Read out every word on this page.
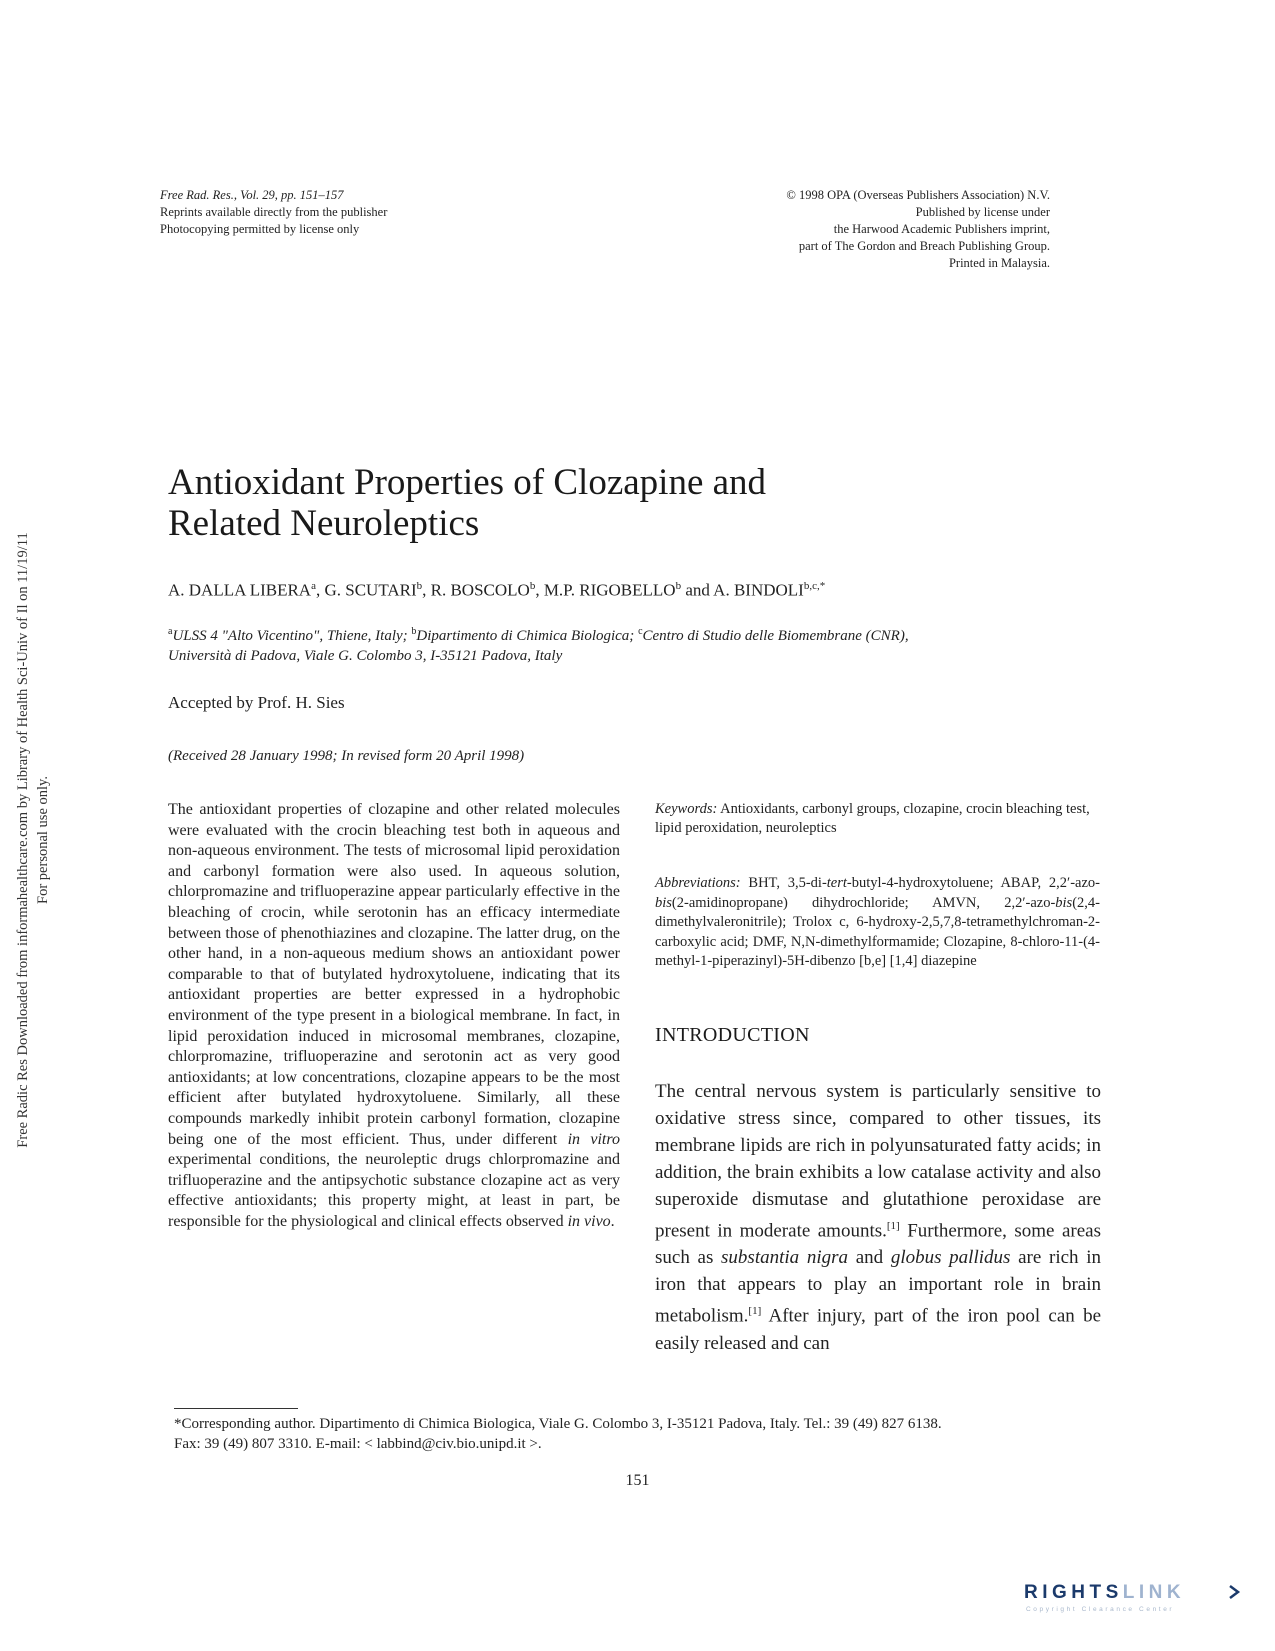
Free Rad. Res., Vol. 29, pp. 151–157
Reprints available directly from the publisher
Photocopying permitted by license only
© 1998 OPA (Overseas Publishers Association) N.V.
Published by license under
the Harwood Academic Publishers imprint,
part of The Gordon and Breach Publishing Group.
Printed in Malaysia.
Free Radic Res Downloaded from informahealthcare.com by Library of Health Sci-Univ of Il on 11/19/11 For personal use only.
Antioxidant Properties of Clozapine and
Related Neuroleptics
A. DALLA LIBERA$^a$, G. SCUTARI$^b$, R. BOSCOLO$^b$, M.P. RIGOBELLO$^b$ and A. $BINDOLI^{b,c,*}$
$^a$ULSS 4 "Alto Vicentino", Thiene, Italy; $^b$Dipartimento di Chimica Biologica; $^c$Centro di Studio delle Biomembrane (CNR),
Università di Padova, Viale G. Colombo 3, I-35121 Padova, Italy
Accepted by Prof. H. Sies
(Received 28 January 1998; In revised form 20 April 1998)
The antioxidant properties of clozapine and other related molecules were evaluated with the crocin bleaching test both in aqueous and non-aqueous environment. The tests of microsomal lipid peroxidation and carbonyl formation were also used. In aqueous solution, chlorpromazine and trifluoperazine appear particularly effective in the bleaching of crocin, while serotonin has an efficacy intermediate between those of phenothiazines and clozapine. The latter drug, on the other hand, in a non-aqueous medium shows an antioxidant power comparable to that of butylated hydroxytoluene, indicating that its antioxidant properties are better expressed in a hydrophobic environment of the type present in a biological membrane. In fact, in lipid peroxidation induced in microsomal membranes, clozapine, chlorpromazine, trifluoperazine and serotonin act as very good antioxidants; at low concentrations, clozapine appears to be the most efficient after butylated hydroxytoluene. Similarly, all these compounds markedly inhibit protein carbonyl formation, clozapine being one of the most efficient. Thus, under different in vitro experimental conditions, the neuroleptic drugs chlorpromazine and trifluoperazine and the antipsychotic substance clozapine act as very effective antioxidants; this property might, at least in part, be responsible for the physiological and clinical effects observed in vivo.
Keywords: Antioxidants, carbonyl groups, clozapine, crocin bleaching test, lipid peroxidation, neuroleptics
Abbreviations: BHT, 3,5-di-tert-butyl-4-hydroxytoluene; ABAP, 2,2′-azo-bis(2-amidinopropane) dihydrochloride; AMVN, 2,2′-azo-bis(2,4-dimethylvaleronitrile); Trolox c, 6-hydroxy-2,5,7,8-tetramethylchroman-2-carboxylic acid; DMF, N,N-dimethylformamide; Clozapine, 8-chloro-11-(4-methyl-1-piperazinyl)-5H-dibenzo [b,e] [1,4] diazepine
INTRODUCTION
The central nervous system is particularly sensitive to oxidative stress since, compared to other tissues, its membrane lipids are rich in polyunsaturated fatty acids; in addition, the brain exhibits a low catalase activity and also superoxide dismutase and glutathione peroxidase are present in moderate amounts.[1] Furthermore, some areas such as substantia nigra and globus pallidus are rich in iron that appears to play an important role in brain metabolism.[1] After injury, part of the iron pool can be easily released and can
*Corresponding author. Dipartimento di Chimica Biologica, Viale G. Colombo 3, I-35121 Padova, Italy. Tel.: 39 (49) 827 6138.
Fax: 39 (49) 807 3310. E-mail: < labbind@civ.bio.unipd.it >.
151
RIGHTSLINK
Copyright Clearance Center
